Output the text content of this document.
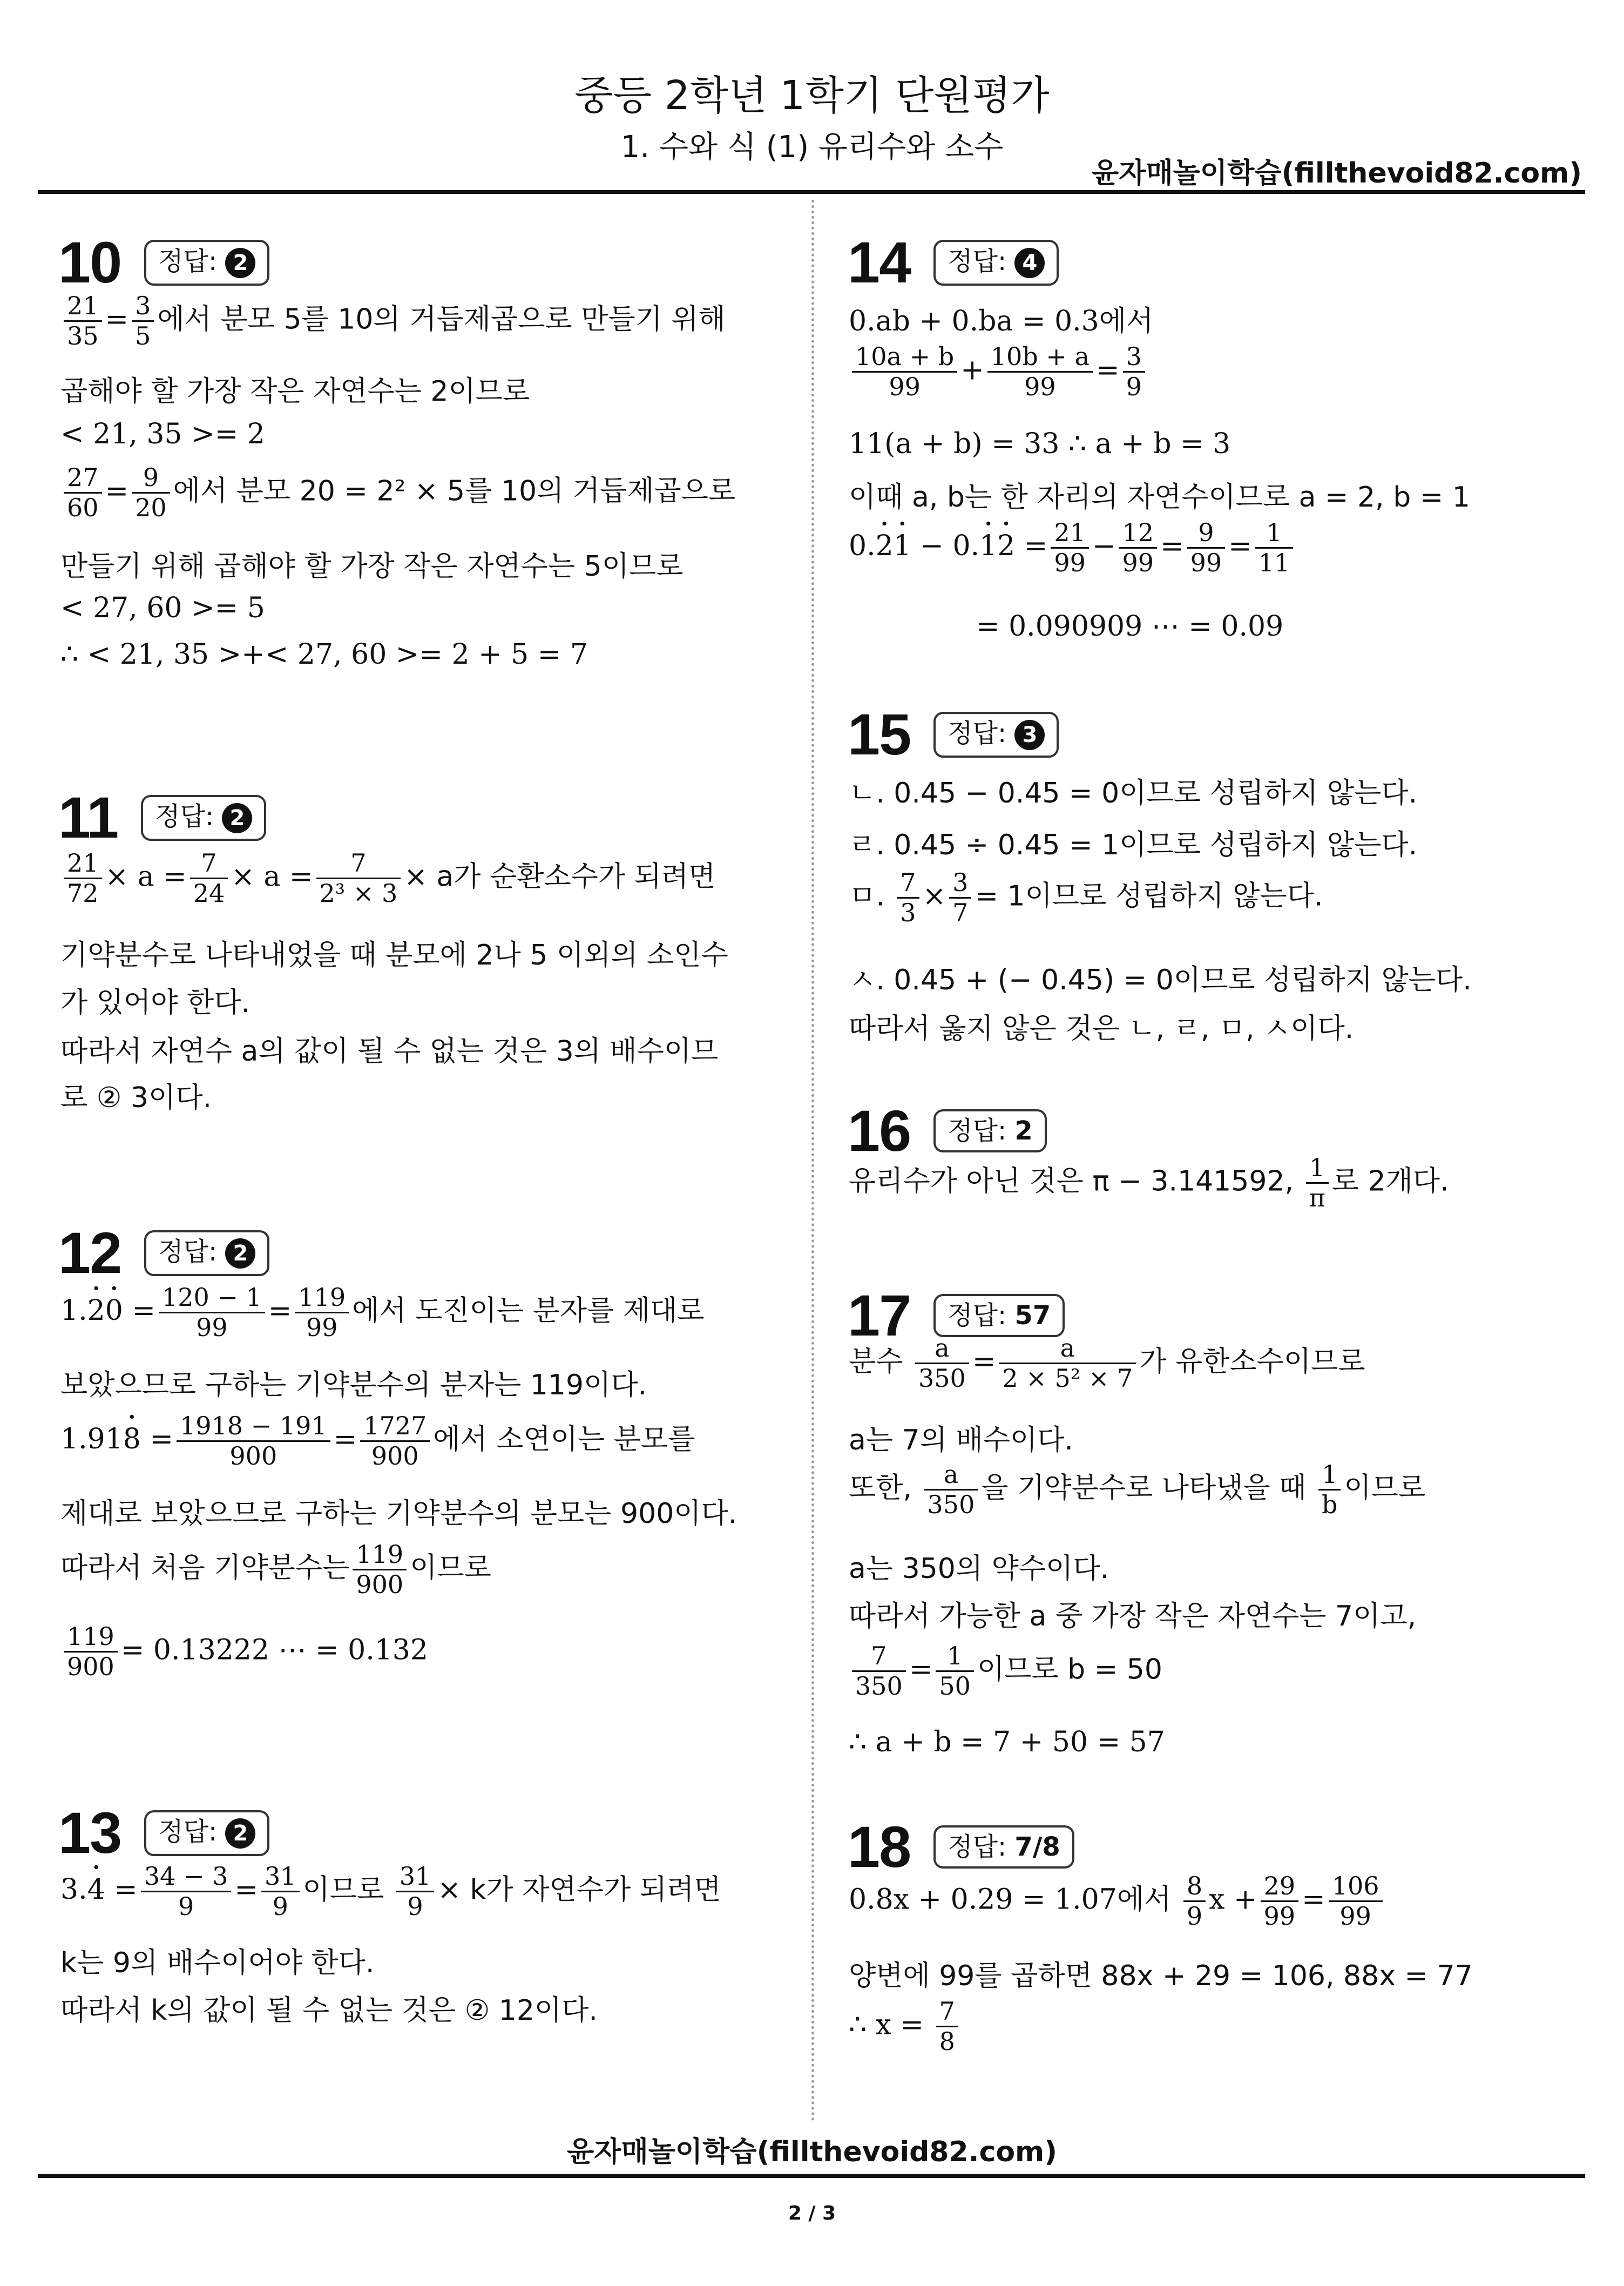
중등 2학년 1학기 단원평가
1. 수와 식 (1) 유리수와 소수
윤자매놀이학습(fillthevoid82.com)
10 정답: 2
$\frac{21}{35} = \frac{3}{5}$ 에서 분모 5를 10의 거듭제곱으로 만들기 위해
곱해야 할 가장 작은 자연수는 2이므로
< 21, 35 >= 2
$\frac{27}{60} = \frac{9}{20}$ 에서 분모 20 = 2² × 5를 10의 거듭제곱으로
만들기 위해 곱해야 할 가장 작은 자연수는 5이므로
< 27, 60 >= 5
∴ < 21, 35 >+< 27, 60 >= 2 + 5 = 7
11 정답: 2
$\frac{21}{72} \times a = \frac{7}{24} \times a = \frac{7}{\text{2³ × 3}} \times a$가 순환소수가 되려면
기약분수로 나타내었을 때 분모에 2나 5 이외의 소인수
가 있어야 한다.
따라서 자연수 a의 값이 될 수 없는 것은 3의 배수이므
로 ② 3이다.
12 정답: 2
$1.\cdot 2\cdot 0 = \frac{120 - 1}{99} = \frac{119}{99}$ 에서 도진이는 분자를 제대로
보았으므로 구하는 기약분수의 분자는 119이다.
$1.91\cdot 8 = \frac{1918 - 191}{900} = \frac{1727}{900}$ 에서 소연이는 분모를
제대로 보았으므로 구하는 기약분수의 분모는 900이다.
따라서 처음 기약분수는 $\frac{119}{900}$ 이므로
$\frac{119}{900} = 0.13222$ ⋯ = 0.132
13 정답: 2
$3.\cdot 4 = \frac{34 - 3}{9} = \frac{31}{9}$ 이므로 $\frac{31}{9} \times k$가 자연수가 되려면
k는 9의 배수이어야 한다.
따라서 k의 값이 될 수 없는 것은 ② 12이다.
14 정답: 4
0.ab + 0.ba = 0.3에서
$\frac{10a + b}{99} + \frac{10b + a}{99} = \frac{3}{9}$
11(a + b) = 33 ∴ a + b = 3
이때 a, b는 한 자리의 자연수이므로 a = 2, b = 1
$0.\cdot 2\cdot 1 - 0.\cdot 1\cdot 2 = \frac{21}{99} - \frac{12}{99} = \frac{9}{99} = \frac{1}{11}$
= 0.090909 ⋯ = 0.09
15 정답: 3
ㄴ. 0.45 − 0.45 = 0이므로 성립하지 않는다.
ㄹ. 0.45 ÷ 0.45 = 1이므로 성립하지 않는다.
ㅁ. $\frac{7}{3} \times \frac{3}{7} = 1$이므로 성립하지 않는다.
ㅅ. 0.45 + (− 0.45) = 0이므로 성립하지 않는다.
따라서 옳지 않은 것은 ㄴ, ㄹ, ㅁ, ㅅ이다.
16 정답: 2
유리수가 아닌 것은 π − 3.141592, $\frac{1}{\pi}$ 로 2개다.
17 정답: 57
분수 $\frac{a}{350} = \frac{a}{\text{2 × 5² × 7}}$ 가 유한소수이므로
a는 7의 배수이다.
또한, $\frac{a}{350}$ 을 기약분수로 나타냈을 때 $\frac{1}{b}$ 이므로
a는 350의 약수이다.
따라서 가능한 a 중 가장 작은 자연수는 7이고,
$\frac{7}{350} = \frac{1}{50}$ 이므로 b = 50
∴ a + b = 7 + 50 = 57
18 정답: 7/8
0.8x + 0.29 = 1.07에서 $\frac{8}{9}$ $x + \frac{29}{99} = \frac{106}{99}$
양변에 99를 곱하면 88x + 29 = 106, 88x = 77
∴ $x = \frac{7}{8}$
윤자매놀이학습(fillthevoid82.com)
2 / 3
